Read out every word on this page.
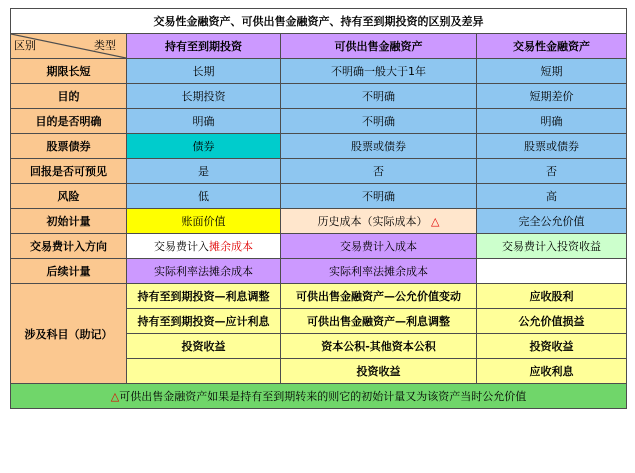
交易性金融资产、可供出售金融资产、持有至到期投资的区别及差异			

区别 类型	持有至到期投资	可供出售金融资产	交易性金融资产
期限长短	长期	不明确一般大于1年	短期
目的	长期投资	不明确	短期差价
目的是否明确	明确	不明确	明确
股票债券	债券	股票或债券	股票或债券
回报是否可预见	是	否	否
风险	低	不明确	高
初始计量	账面价值	历史成本（实际成本） △	完全公允价值
交易费计入方向	交易费计入摊余成本	交易费计入成本	交易费计入投资收益
后续计量	实际利率法摊余成本	实际利率法摊余成本	
涉及科目（助记）	持有至到期投资—利息调整	可供出售金融资产—公允价值变动	应收股利
	持有至到期投资—应计利息	可供出售金融资产—利息调整	公允价值损益
	投资收益	资本公积-其他资本公积	投资收益
		投资收益	应收利息
△可供出售金融资产如果是持有至到期转来的则它的初始计量又为该资产当时公允价值			
